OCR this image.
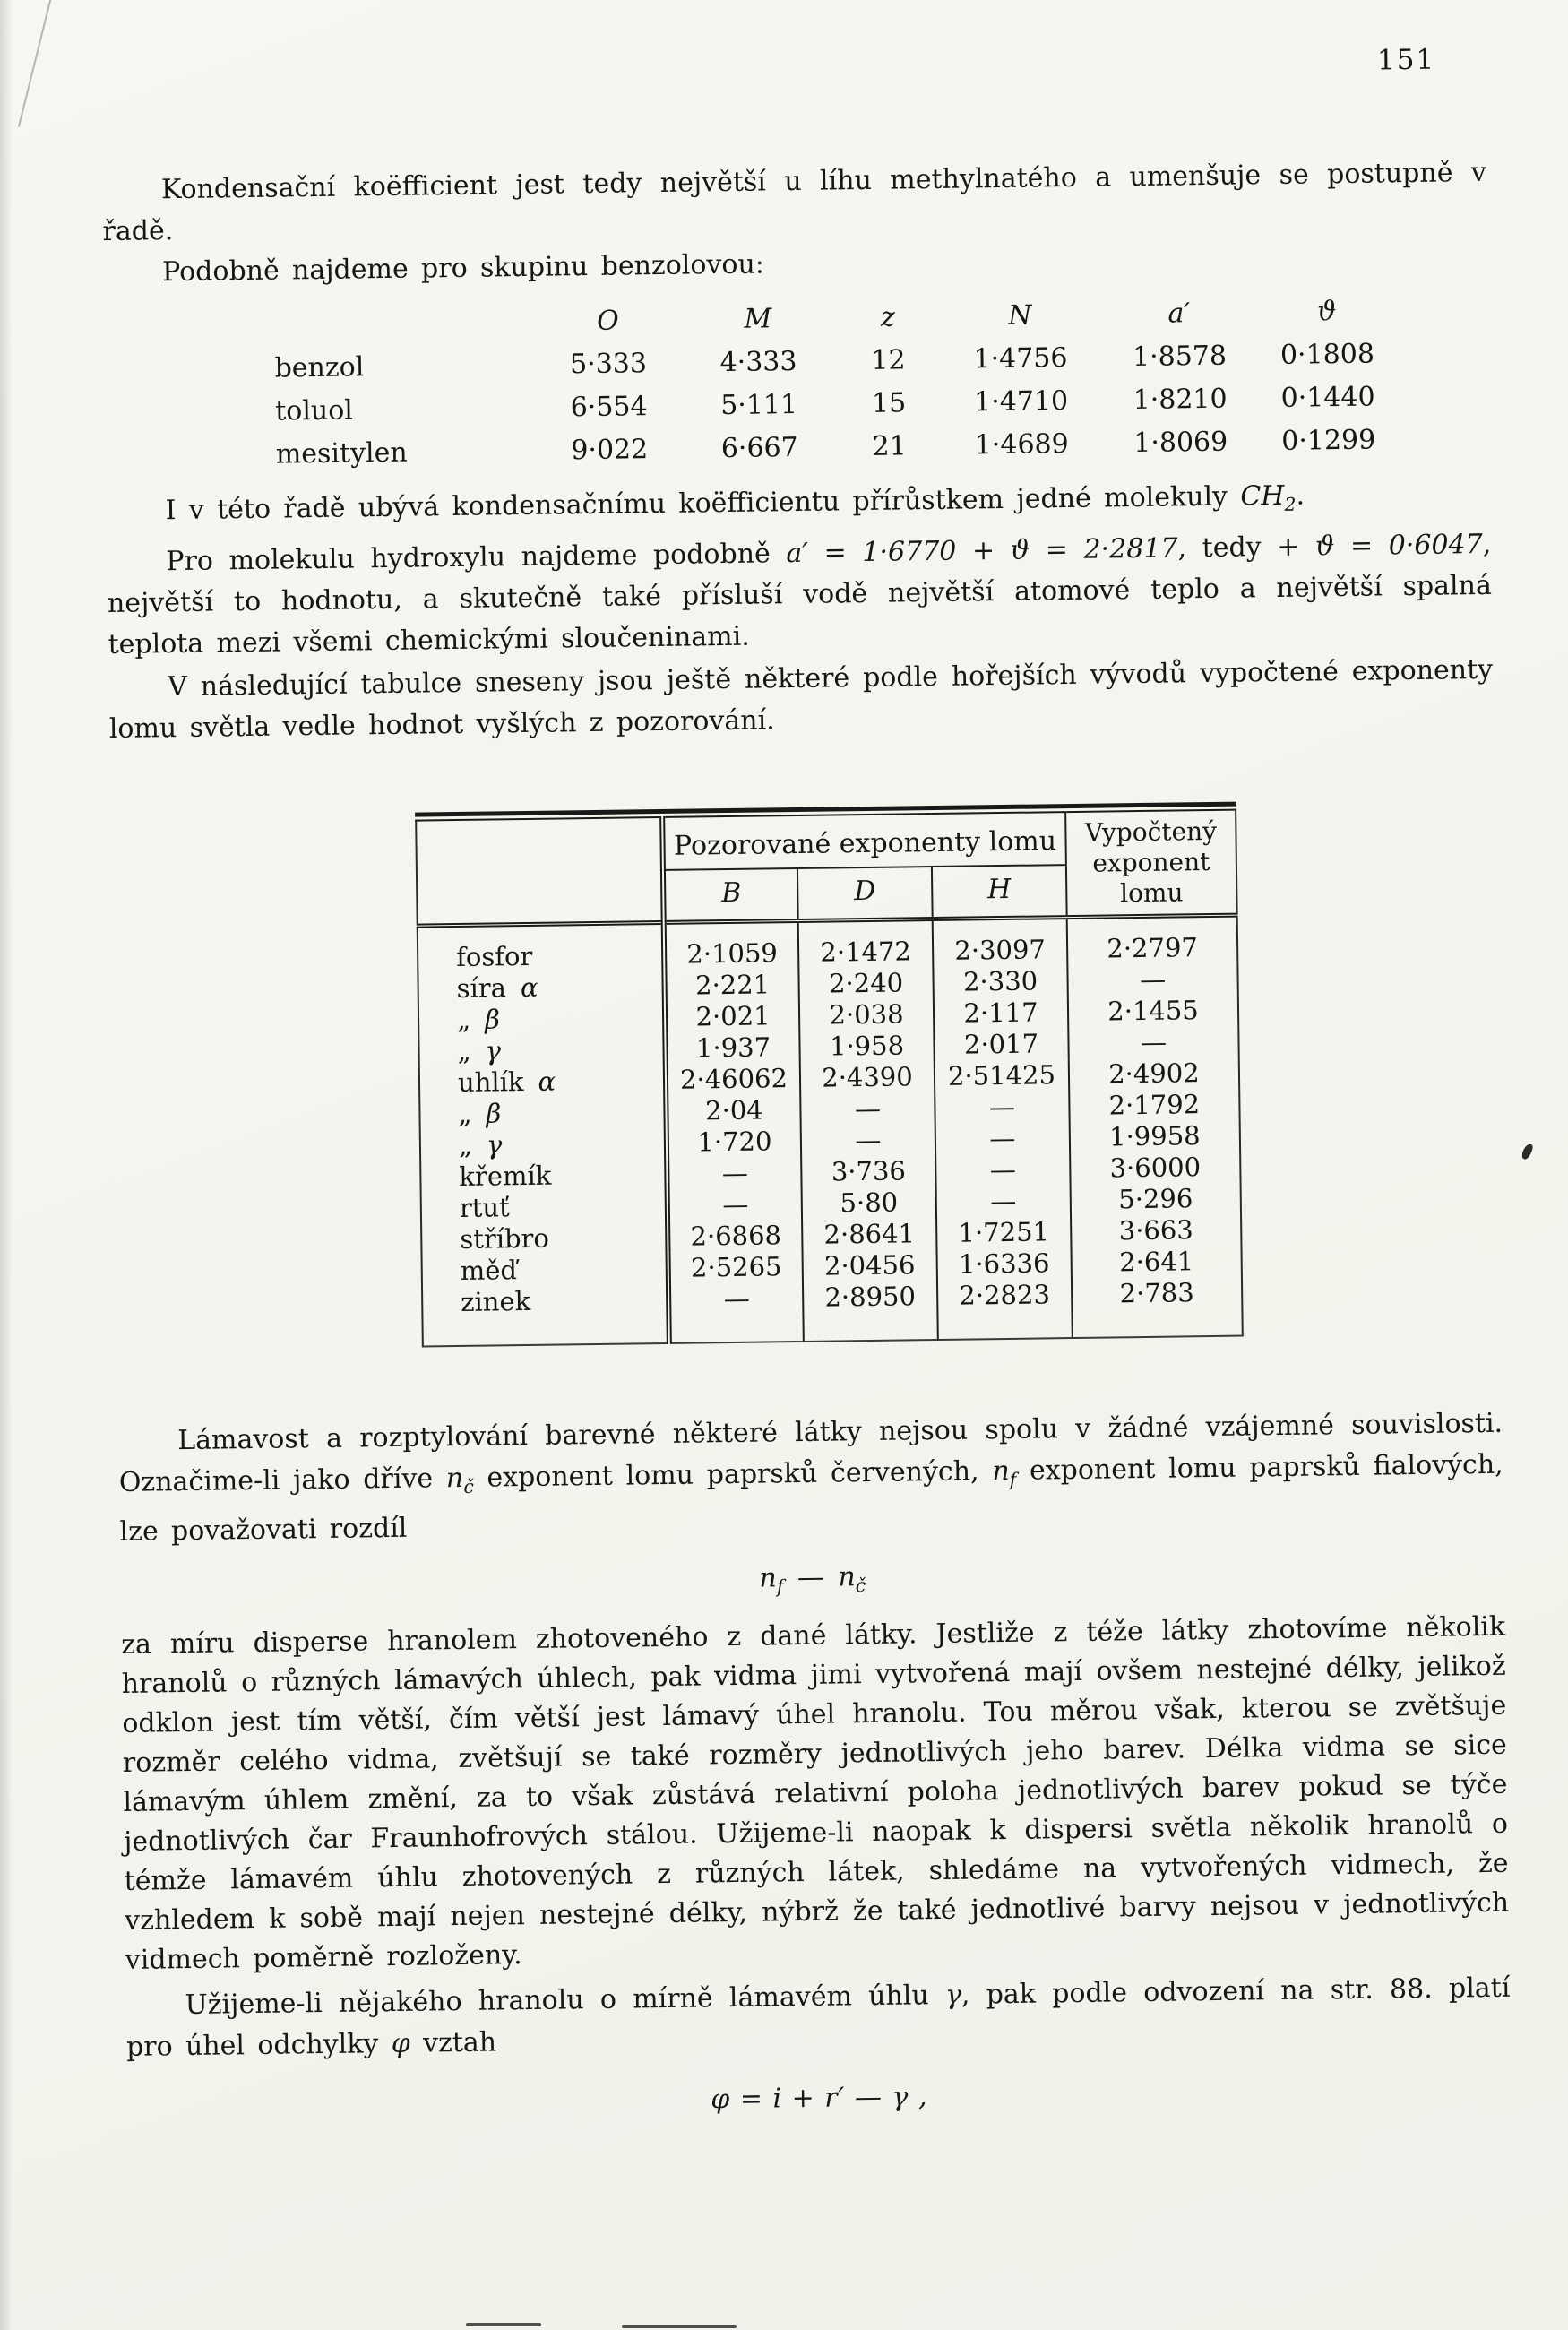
151

Kondensační koëfficient jest tedy největší u líhu methylnatého a umenšuje se postupně v řadě.

Podobně najdeme pro skupinu benzolovou:

	O	M	z	N	a′	ϑ
benzol	5·333	4·333	12	1·4756	1·8578	0·1808
toluol	6·554	5·111	15	1·4710	1·8210	0·1440
mesitylen	9·022	6·667	21	1·4689	1·8069	0·1299

I v této řadě ubývá kondensačnímu koëfficientu přírůstkem jedné molekuly $CH_2$.

Pro molekulu hydroxylu najdeme podobně a′ = 1·6770 + ϑ = 2·2817, tedy + ϑ = 0·6047, největší to hodnotu, a skutečně také přísluší vodě největší atomové teplo a největší spalná teplota mezi všemi chemickými sloučeninami.

V následující tabulce sneseny jsou ještě některé podle hořejších vývodů vypočtené exponenty lomu světla vedle hodnot vyšlých z pozorování.

	Pozorované exponenty lomu			Vypočtený exponent lomu
	B	D	H	
fosfor	2·1059	2·1472	2·3097	2·2797
síra α	2·221	2·240	2·330	—
„ β	2·021	2·038	2·117	2·1455
„ γ	1·937	1·958	2·017	—
uhlík α	2·46062	2·4390	2·51425	2·4902
„ β	2·04	—	—	2·1792
„ γ	1·720	—	—	1·9958
křemík	—	3·736	—	3·6000
rtuť	—	5·80	—	5·296
stříbro	2·6868	2·8641	1·7251	3·663
měď	2·5265	2·0456	1·6336	2·641
zinek	—	2·8950	2·2823	2·783

Lámavost a rozptylování barevné některé látky nejsou spolu v žádné vzájemné souvislosti. Označime-li jako dříve $n_č$ exponent lomu paprsků červených, $n_f$ exponent lomu paprsků fialových, lze považovati rozdíl

$n_f$ — $n_č$

za míru disperse hranolem zhotoveného z dané látky. Jestliže z téže látky zhotovíme několik hranolů o různých lámavých úhlech, pak vidma jimi vytvořená mají ovšem nestejné délky, jelikož odklon jest tím větší, čím větší jest lámavý úhel hranolu. Tou měrou však, kterou se zvětšuje rozměr celého vidma, zvětšují se také rozměry jednotlivých jeho barev. Délka vidma se sice lámavým úhlem změní, za to však zůstává relativní poloha jednotlivých barev pokud se týče jednotlivých čar Fraunhofrových stálou. Užijeme-li naopak k dispersi světla několik hranolů o témže lámavém úhlu zhotovených z různých látek, shledáme na vytvořených vidmech, že vzhledem k sobě mají nejen nestejné délky, nýbrž že také jednotlivé barvy nejsou v jednotlivých vidmech poměrně rozloženy.

Užijeme-li nějakého hranolu o mírně lámavém úhlu γ, pak podle odvození na str. 88. platí pro úhel odchylky φ vztah

φ = i + r′ — γ ,
